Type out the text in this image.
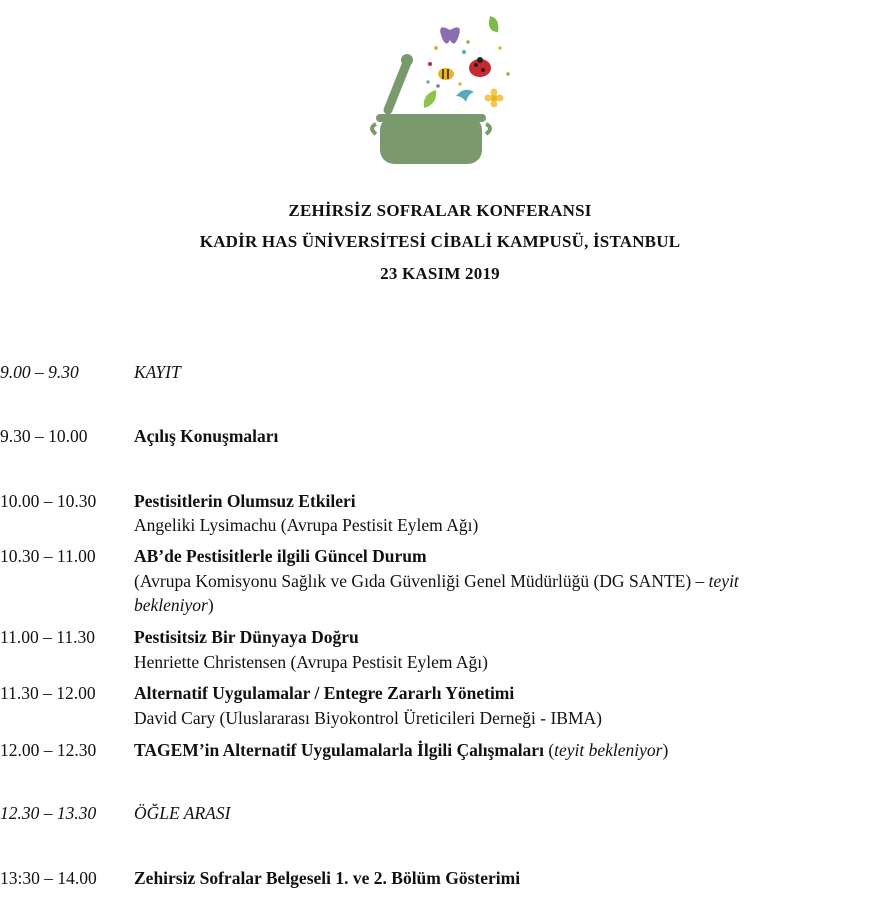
ZEHİRSİZ SOFRALAR KONFERANSI
KADİR HAS ÜNİVERSİTESİ CİBALİ KAMPUSÜ, İSTANBUL
23 KASIM 2019
9.00 – 9.30	KAYIT
9.30 – 10.00	Açılış Konuşmaları
10.00 – 10.30 Pestisitlerin Olumsuz Etkileri
Angeliki Lysimachu (Avrupa Pestisit Eylem Ağı)
10.30 – 11.00 AB’de Pestisitlerle ilgili Güncel Durum
(Avrupa Komisyonu Sağlık ve Gıda Güvenliği Genel Müdürlüğü (DG SANTE) – teyit
bekleniyor)
11.00 – 11.30 Pestisitsiz Bir Dünyaya Doğru
Henriette Christensen (Avrupa Pestisit Eylem Ağı)
11.30 – 12.00 Alternatif Uygulamalar / Entegre Zararlı Yönetimi
David Cary (Uluslararası Biyokontrol Üreticileri Derneği - IBMA)
12.00 – 12.30 TAGEM’in Alternatif Uygulamalarla İlgili Çalışmaları (teyit bekleniyor)
12.30 – 13.30 ÖĞLE ARASI
13:30 – 14.00 Zehirsiz Sofralar Belgeseli 1. ve 2. Bölüm Gösterimi
